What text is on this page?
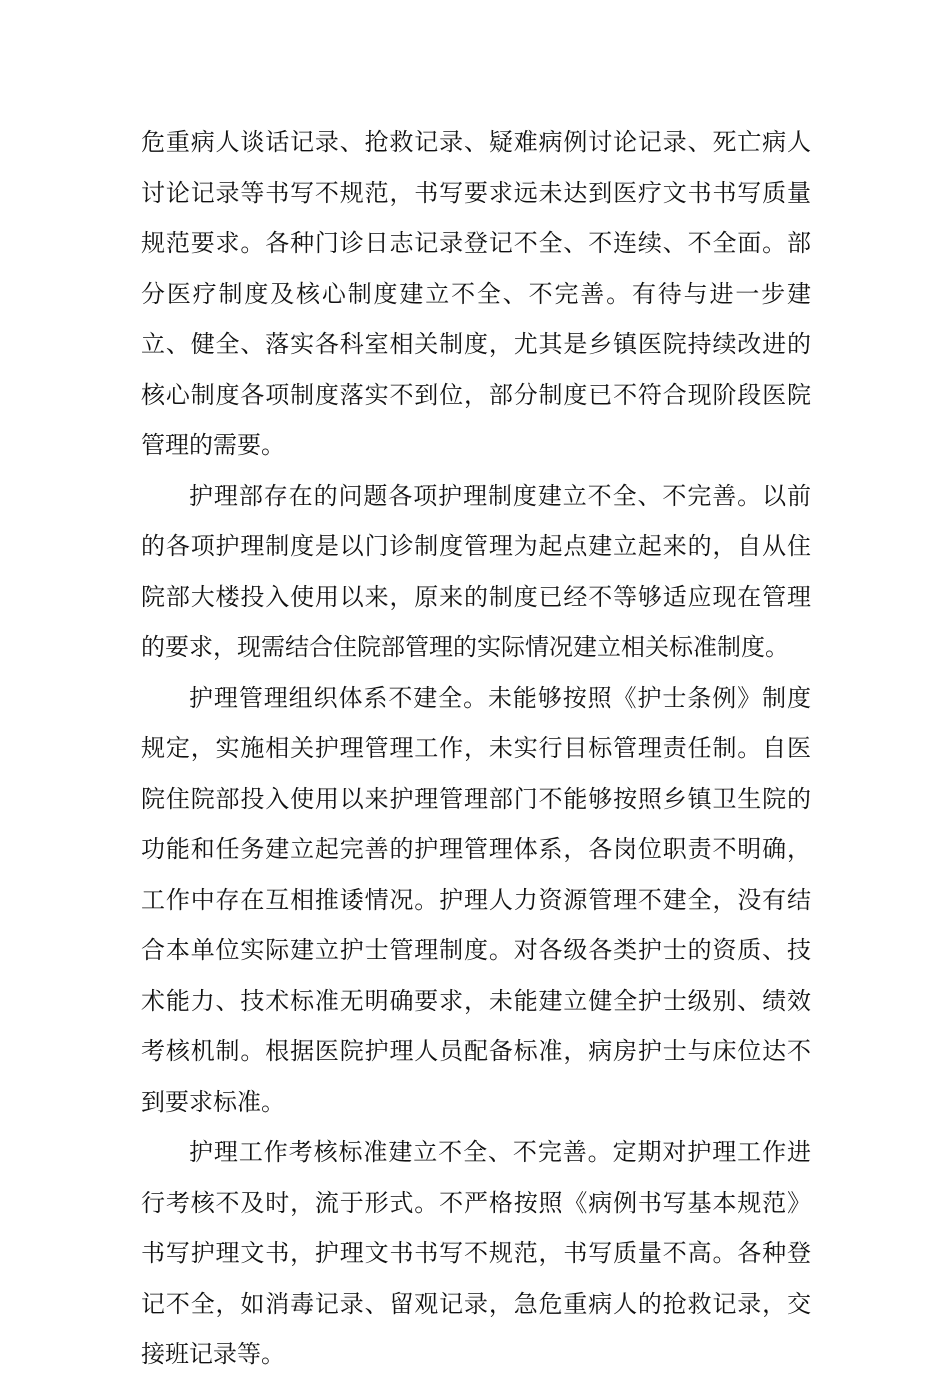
危重病人谈话记录、抢救记录、疑难病例讨论记录、死亡病人讨论记录等书写不规范，书写要求远未达到医疗文书书写质量规范要求。各种门诊日志记录登记不全、不连续、不全面。部分医疗制度及核心制度建立不全、不完善。有待与进一步建立、健全、落实各科室相关制度，尤其是乡镇医院持续改进的核心制度各项制度落实不到位，部分制度已不符合现阶段医院管理的需要。

护理部存在的问题各项护理制度建立不全、不完善。以前的各项护理制度是以门诊制度管理为起点建立起来的，自从住院部大楼投入使用以来，原来的制度已经不等够适应现在管理的要求，现需结合住院部管理的实际情况建立相关标准制度。

护理管理组织体系不建全。未能够按照《护士条例》制度规定，实施相关护理管理工作，未实行目标管理责任制。自医院住院部投入使用以来护理管理部门不能够按照乡镇卫生院的功能和任务建立起完善的护理管理体系，各岗位职责不明确，工作中存在互相推诿情况。护理人力资源管理不建全，没有结合本单位实际建立护士管理制度。对各级各类护士的资质、技术能力、技术标准无明确要求，未能建立健全护士级别、绩效考核机制。根据医院护理人员配备标准，病房护士与床位达不到要求标准。

护理工作考核标准建立不全、不完善。定期对护理工作进行考核不及时，流于形式。不严格按照《病例书写基本规范》书写护理文书，护理文书书写不规范，书写质量不高。各种登记不全，如消毒记录、留观记录，急危重病人的抢救记录，交接班记录等。
